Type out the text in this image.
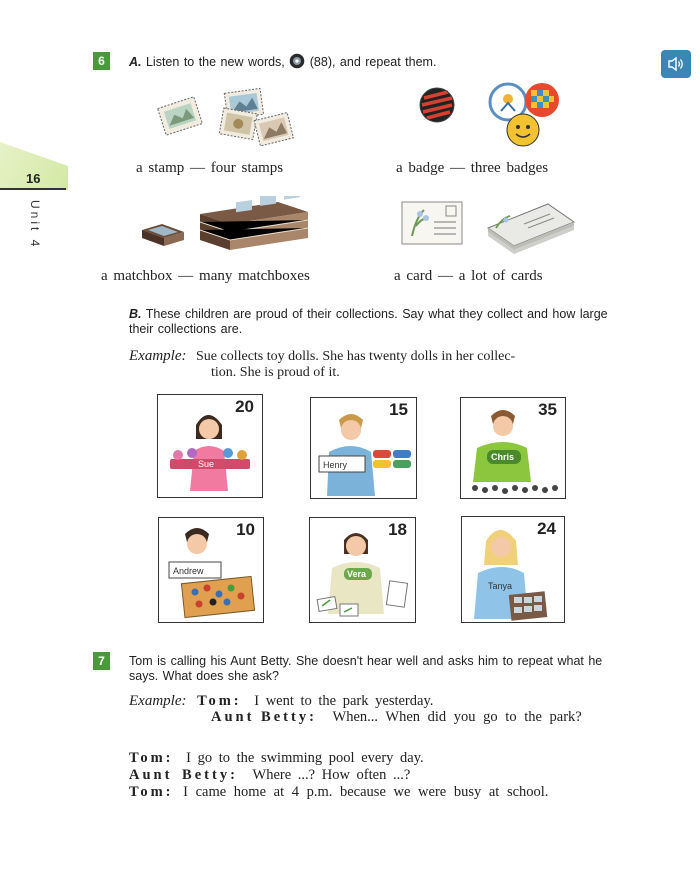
16
Unit 4
6	A. Listen to the new words, (88), and repeat them.
a stamp — four stamps	a badge — three badges
a matchbox — many matchboxes	a card — a lot of cards
B. These children are proud of their collections. Say what they collect and how large their collections are.
Example: Sue collects toy dolls. She has twenty dolls in her collec-
tion. She is proud of it.
20
Sue
15
Henry
35
Chris
10
Andrew
18
Vera
24
Tanya
7	Tom is calling his Aunt Betty. She doesn't hear well and asks him to repeat what he says. What does she ask?
Example: Tom: I went to the park yesterday.
Aunt Betty: When... When did you go to the park?
Tom: I go to the swimming pool every day.
Aunt Betty: Where ...? How often ...?
Tom: I came home at 4 p.m. because we were busy at school.
